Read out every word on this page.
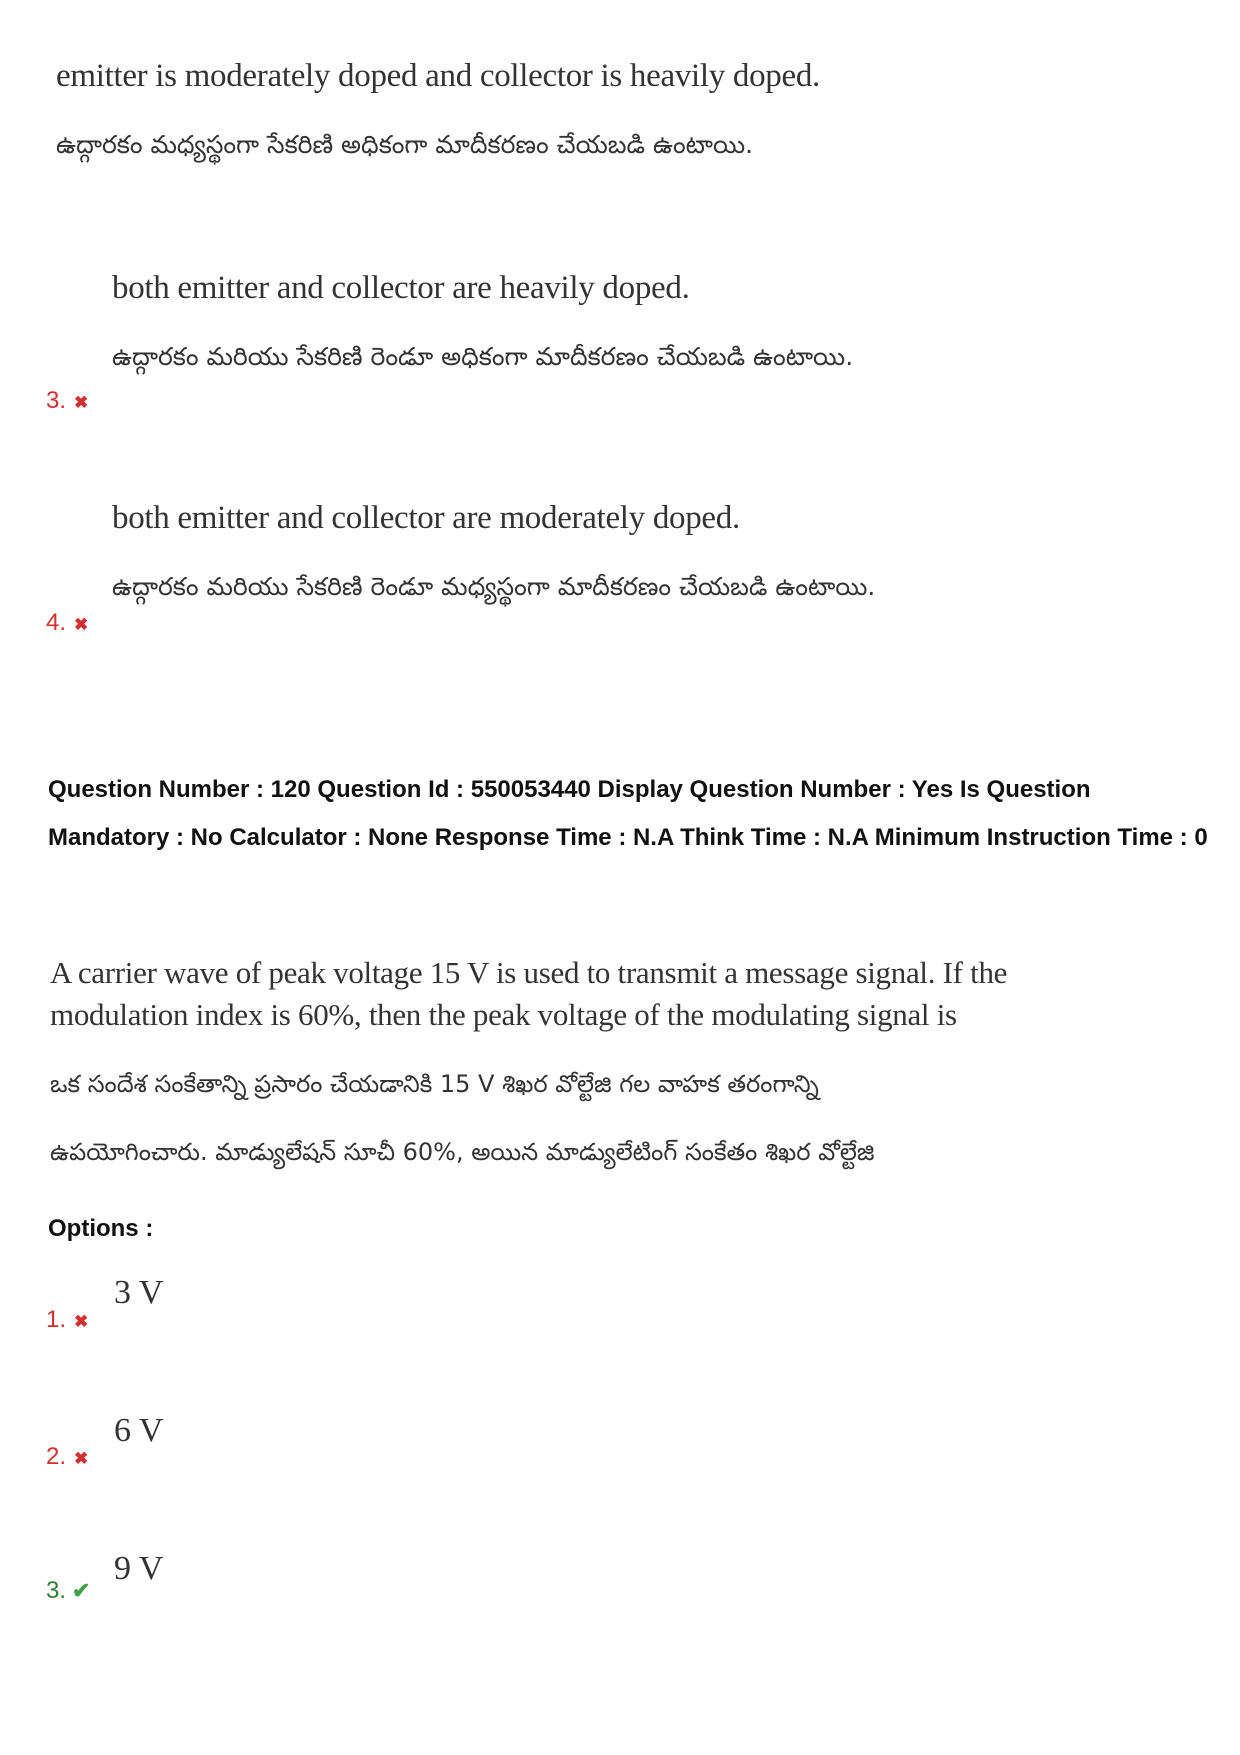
emitter is moderately doped and collector is heavily doped.
ఉద్గారకం మధ్యస్థంగా సేకరిణి అధికంగా మాదీకరణం చేయబడి ఉంటాయి.
both emitter and collector are heavily doped.
ఉద్గారకం మరియు సేకరిణి రెండూ అధికంగా మాదీకరణం చేయబడి ఉంటాయి.
3. ✖
both emitter and collector are moderately doped.
ఉద్గారకం మరియు సేకరిణి రెండూ మధ్యస్థంగా మాదీకరణం చేయబడి ఉంటాయి.
4. ✖
Question Number : 120 Question Id : 550053440 Display Question Number : Yes Is Question Mandatory : No Calculator : None Response Time : N.A Think Time : N.A Minimum Instruction Time : 0
A carrier wave of peak voltage 15 V is used to transmit a message signal. If the
modulation index is 60%, then the peak voltage of the modulating signal is
ఒక సందేశ సంకేతాన్ని ప్రసారం చేయడానికి 15 V శిఖర వోల్టేజి గల వాహక తరంగాన్ని
ఉపయోగించారు. మాడ్యులేషన్ సూచీ 60%, అయిన మాడ్యులేటింగ్ సంకేతం శిఖర వోల్టేజి
Options :
1. ✖
3 V
2. ✖
6 V
3. ✔
9 V
